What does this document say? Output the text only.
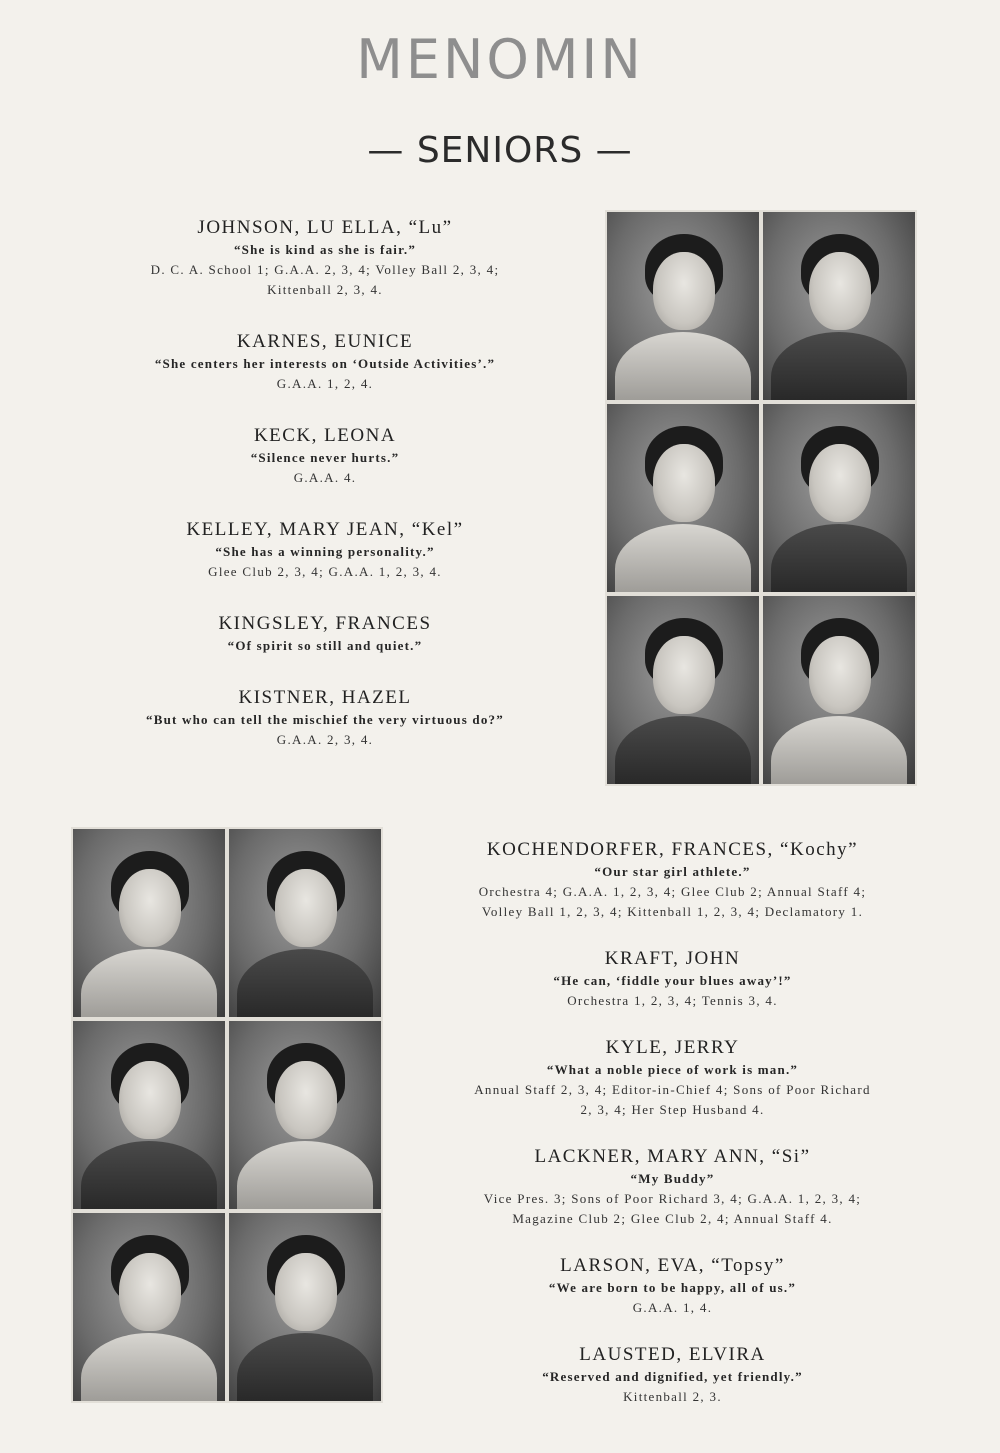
MENOMIN
— SENIORS —
JOHNSON, LU ELLA, “Lu”
“She is kind as she is fair.”
D. C. A. School 1; G.A.A. 2, 3, 4; Volley Ball 2, 3, 4;
Kittenball 2, 3, 4.
KARNES, EUNICE
“She centers her interests on ‘Outside Activities’.”
G.A.A. 1, 2, 4.
KECK, LEONA
“Silence never hurts.”
G.A.A. 4.
KELLEY, MARY JEAN, “Kel”
“She has a winning personality.”
Glee Club 2, 3, 4; G.A.A. 1, 2, 3, 4.
KINGSLEY, FRANCES
“Of spirit so still and quiet.”
KISTNER, HAZEL
“But who can tell the mischief the very virtuous do?”
G.A.A. 2, 3, 4.
KOCHENDORFER, FRANCES, “Kochy”
“Our star girl athlete.”
Orchestra 4; G.A.A. 1, 2, 3, 4; Glee Club 2; Annual Staff 4;
Volley Ball 1, 2, 3, 4; Kittenball 1, 2, 3, 4; Declamatory 1.
KRAFT, JOHN
“He can, ‘fiddle your blues away’!”
Orchestra 1, 2, 3, 4; Tennis 3, 4.
KYLE, JERRY
“What a noble piece of work is man.”
Annual Staff 2, 3, 4; Editor-in-Chief 4; Sons of Poor Richard
2, 3, 4; Her Step Husband 4.
LACKNER, MARY ANN, “Si”
“My Buddy”
Vice Pres. 3; Sons of Poor Richard 3, 4; G.A.A. 1, 2, 3, 4;
Magazine Club 2; Glee Club 2, 4; Annual Staff 4.
LARSON, EVA, “Topsy”
“We are born to be happy, all of us.”
G.A.A. 1, 4.
LAUSTED, ELVIRA
“Reserved and dignified, yet friendly.”
Kittenball 2, 3.
